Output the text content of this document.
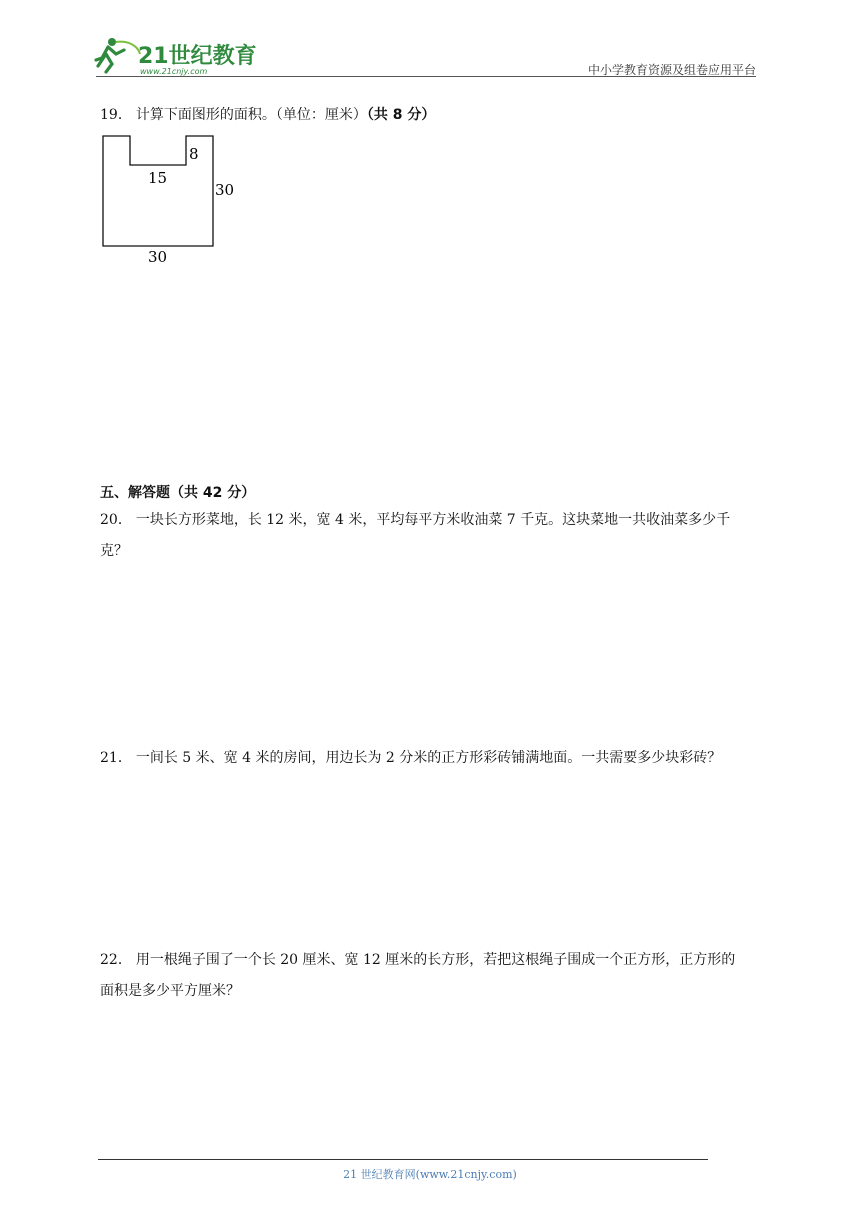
21世纪教育
www.21cnjy.com	中小学教育资源及组卷应用平台
19． 计算下面图形的面积。（单位：厘米）（共 8 分）
8
15
30
30
五、解答题（共 42 分）
20． 一块长方形菜地，长 12 米，宽 4 米，平均每平方米收油菜 7 千克。这块菜地一共收油菜多少千
克？
21． 一间长 5 米、宽 4 米的房间，用边长为 2 分米的正方形彩砖铺满地面。一共需要多少块彩砖？
22． 用一根绳子围了一个长 20 厘米、宽 12 厘米的长方形，若把这根绳子围成一个正方形，正方形的
面积是多少平方厘米？
21 世纪教育网(www.21cnjy.com)
